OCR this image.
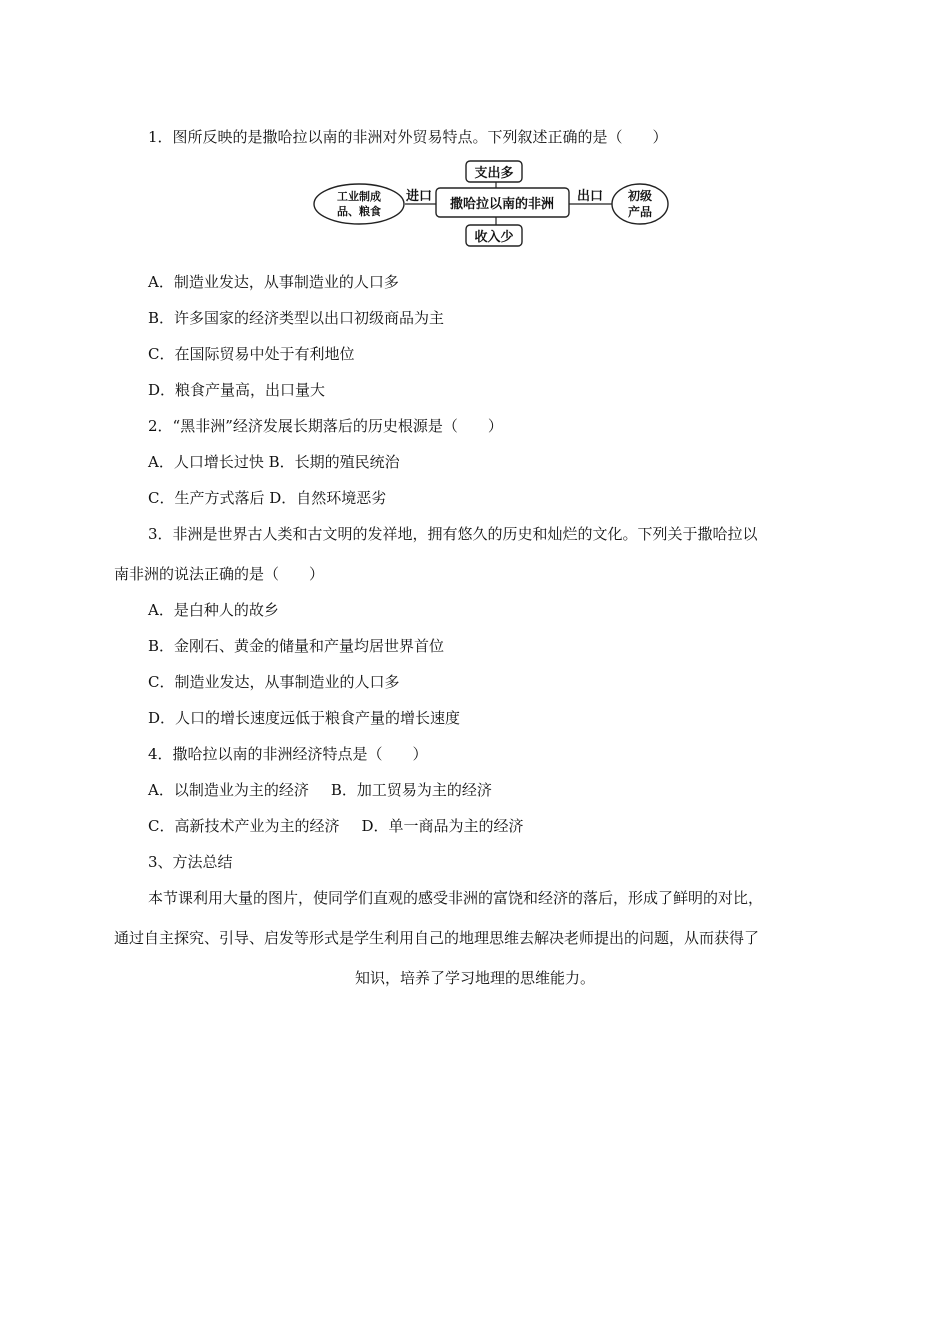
1．图所反映的是撒哈拉以南的非洲对外贸易特点。下列叙述正确的是（　　）
工业制成
品、粮食
进口	出口
撒哈拉以南的非洲
支出多
收入少
初级
产品
A．制造业发达，从事制造业的人口多
B．许多国家的经济类型以出口初级商品为主
C．在国际贸易中处于有利地位
D．粮食产量高，出口量大
2．“黑非洲”经济发展长期落后的历史根源是（　　）
A．人口增长过快 B．长期的殖民统治
C．生产方式落后 D．自然环境恶劣
3．非洲是世界古人类和古文明的发祥地，拥有悠久的历史和灿烂的文化。下列关于撒哈拉以
南非洲的说法正确的是（　　）
A．是白种人的故乡
B．金刚石、黄金的储量和产量均居世界首位
C．制造业发达，从事制造业的人口多
D．人口的增长速度远低于粮食产量的增长速度
4．撒哈拉以南的非洲经济特点是（　　）
A．以制造业为主的经济 B．加工贸易为主的经济
C．高新技术产业为主的经济 D．单一商品为主的经济
3、方法总结
本节课利用大量的图片，使同学们直观的感受非洲的富饶和经济的落后，形成了鲜明的对比，
通过自主探究、引导、启发等形式是学生利用自己的地理思维去解决老师提出的问题，从而获得了
知识，培养了学习地理的思维能力。
